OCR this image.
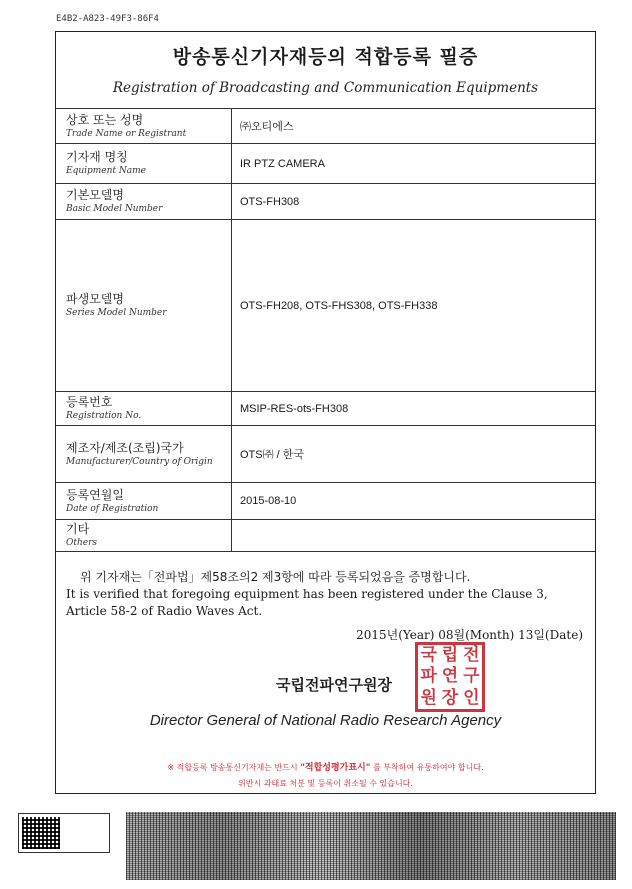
E4B2-A823-49F3-86F4
방송통신기자재등의 적합등록 필증
Registration of Broadcasting and Communication Equipments
상호 또는 성명
Trade Name or Registrant	㈜오티에스

기자재 명칭
Equipment Name	IR PTZ CAMERA

기본모델명
Basic Model Number	OTS-FH308

파생모델명
Series Model Number	OTS-FH208, OTS-FHS308, OTS-FH338

등록번호
Registration No.	MSIP-RES-ots-FH308

제조자/제조(조립)국가
Manufacturer/Country of Origin	OTS㈜ / 한국

등록연월일
Date of Registration	2015-08-10

기타
Others	

위 기자재는「전파법」제58조의2 제3항에 따라 등록되었음을 증명합니다.
It is verified that foregoing equipment has been registered under the Clause 3, Article 58-2 of Radio Waves Act.
2015년(Year) 08월(Month) 13일(Date)
국립전파연구원장
국 립 전
파 연 구
원 장 인
Director General of National Radio Research Agency
※ 적합등록 방송통신기자재는 반드시 "적합성평가표시" 를 부착하여 유통하여야 합니다.
위반시 과태료 처분 및 등록이 취소될 수 있습니다.
